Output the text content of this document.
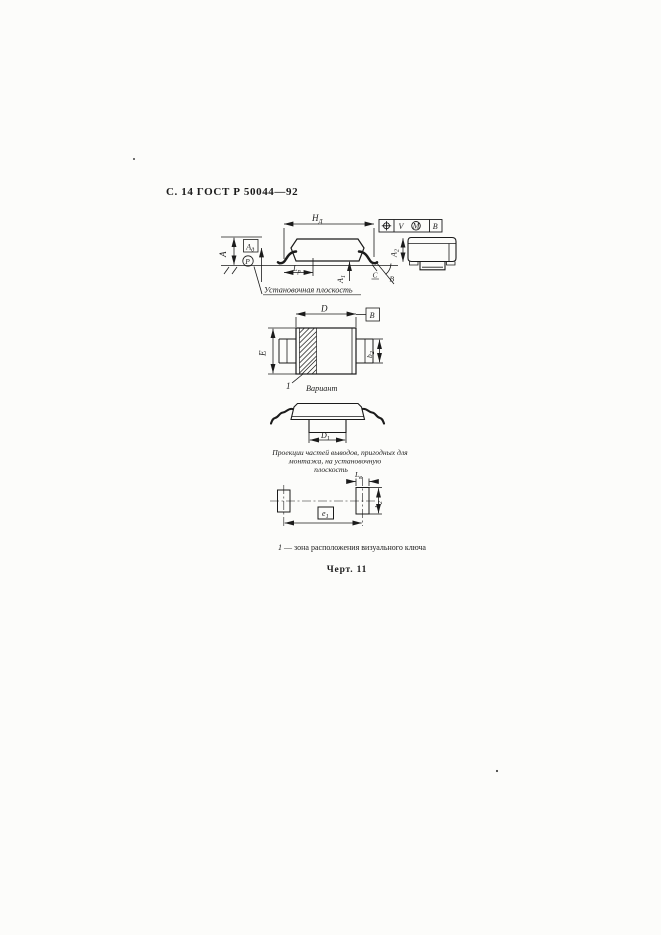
С. 14 ГОСТ Р 50044—92
А
$А_д$
Р
$Н_Д$
$L_р$
$А_1$	С В
Установочная плоскость
V М В
$А_2$
D
В
Е
$b_2$
1 Вариант
$D_1$
Проекции частей выводов, пригодных для
монтажа, на установочную
плоскость
$L_в$
$b_2$
$е_1$
1 — зона расположения визуального ключа
Черт. 11
